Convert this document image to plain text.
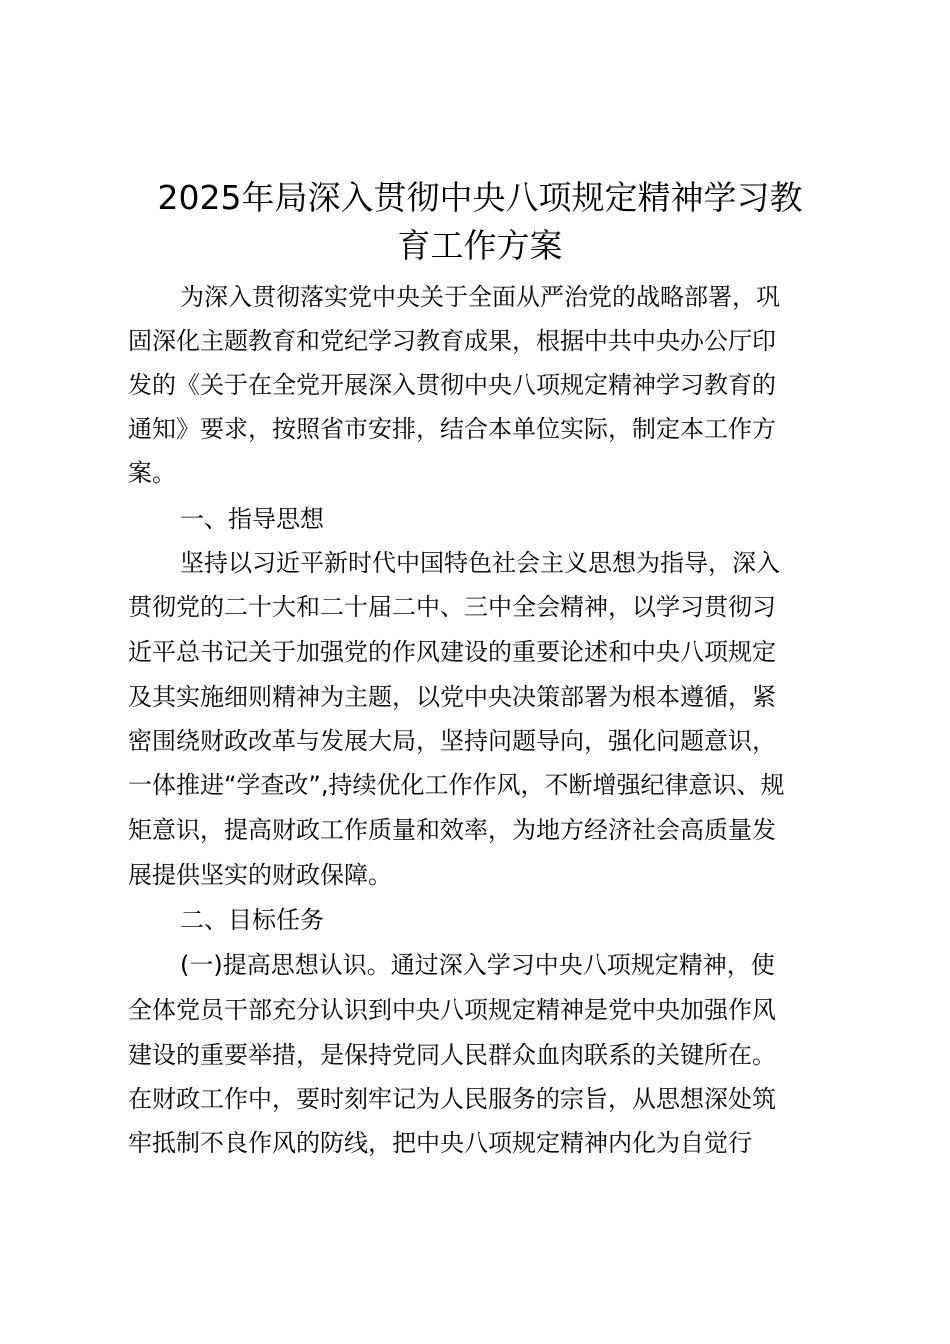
2025年局深入贯彻中央八项规定精神学习教
育工作方案

为深入贯彻落实党中央关于全面从严治党的战略部署，巩

固深化主题教育和党纪学习教育成果，根据中共中央办公厅印

发的《关于在全党开展深入贯彻中央八项规定精神学习教育的

通知》要求，按照省市安排，结合本单位实际，制定本工作方

案。

一、指导思想

坚持以习近平新时代中国特色社会主义思想为指导，深入

贯彻党的二十大和二十届二中、三中全会精神，以学习贯彻习

近平总书记关于加强党的作风建设的重要论述和中央八项规定

及其实施细则精神为主题，以党中央决策部署为根本遵循，紧

密围绕财政改革与发展大局，坚持问题导向，强化问题意识，

一体推进“学查改”,持续优化工作作风，不断增强纪律意识、规

矩意识，提高财政工作质量和效率，为地方经济社会高质量发

展提供坚实的财政保障。

二、目标任务

(一)提高思想认识。通过深入学习中央八项规定精神，使

全体党员干部充分认识到中央八项规定精神是党中央加强作风

建设的重要举措，是保持党同人民群众血肉联系的关键所在。

在财政工作中，要时刻牢记为人民服务的宗旨，从思想深处筑

牢抵制不良作风的防线，把中央八项规定精神内化为自觉行
